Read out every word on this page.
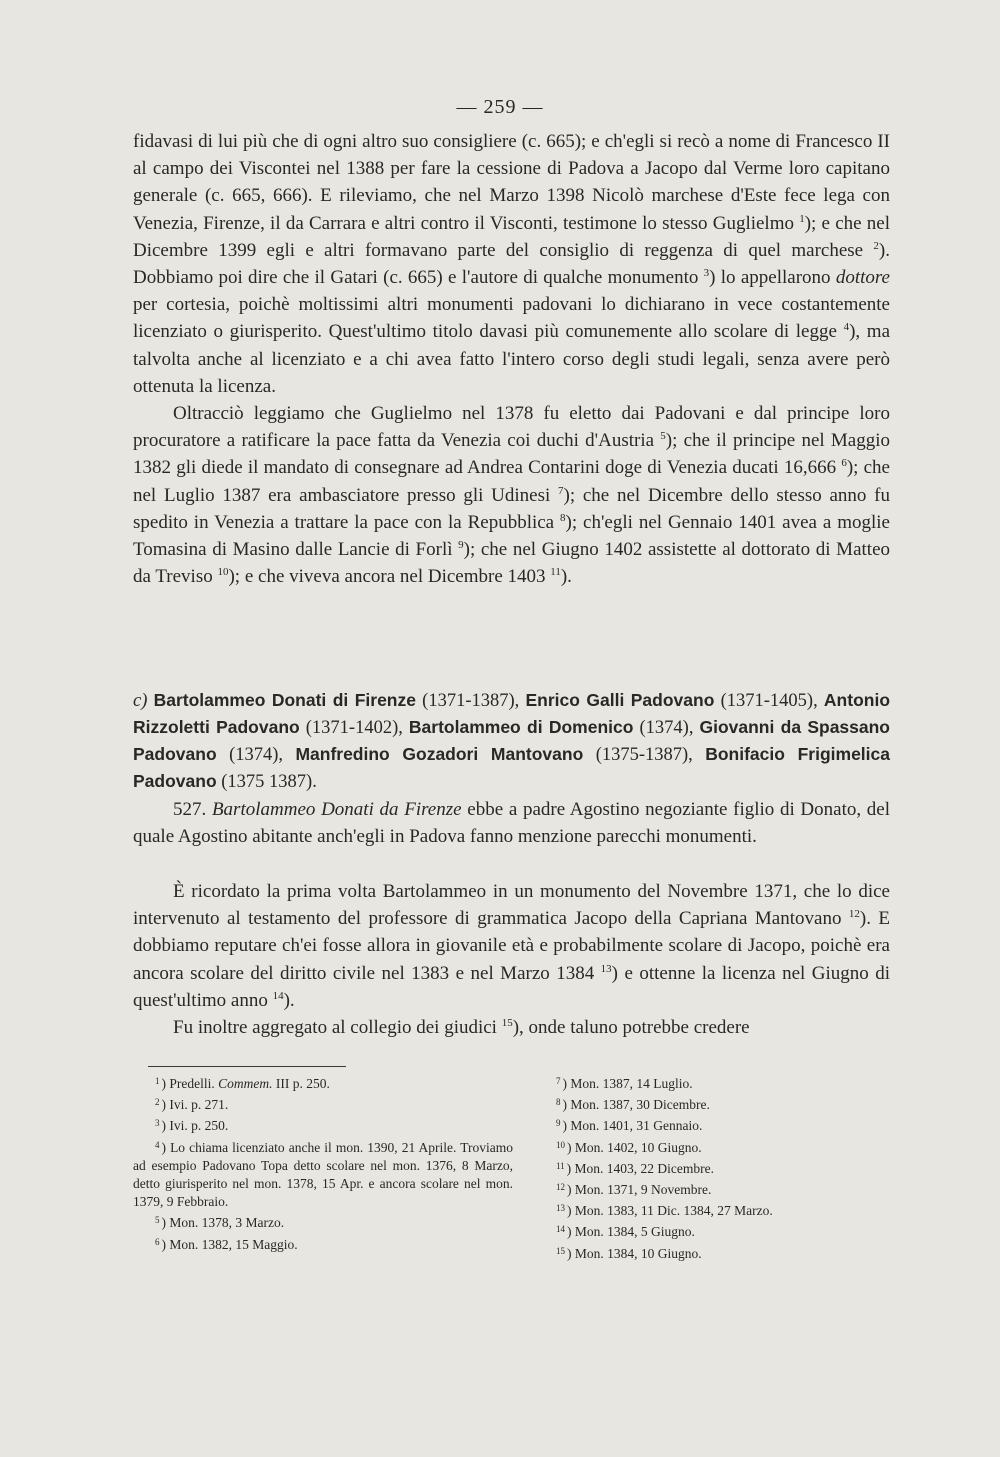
— 259 —

fidavasi di lui più che di ogni altro suo consigliere (c. 665); e ch'egli si recò a nome di Francesco II al campo dei Viscontei nel 1388 per fare la cessione di Padova a Jacopo dal Verme loro capitano generale (c. 665, 666). E rileviamo, che nel Marzo 1398 Nicolò marchese d'Este fece lega con Venezia, Firenze, il da Carrara e altri contro il Visconti, testimone lo stesso Guglielmo $^1$); e che nel Dicembre 1399 egli e altri formavano parte del consiglio di reggenza di quel marchese $^2$). Dobbiamo poi dire che il Gatari (c. 665) e l'autore di qualche monumento $^3$) lo appellarono dottore per cortesia, poichè moltissimi altri monumenti padovani lo dichiarano in vece costantemente licenziato o giurisperito. Quest'ultimo titolo davasi più comunemente allo scolare di legge $^4$), ma talvolta anche al licenziato e a chi avea fatto l'intero corso degli studi legali, senza avere però ottenuta la licenza.

Oltracciò leggiamo che Guglielmo nel 1378 fu eletto dai Padovani e dal principe loro procuratore a ratificare la pace fatta da Venezia coi duchi d'Austria $^5$); che il principe nel Maggio 1382 gli diede il mandato di consegnare ad Andrea Contarini doge di Venezia ducati 16,666 $^6$); che nel Luglio 1387 era ambasciatore presso gli Udinesi $^7$); che nel Dicembre dello stesso anno fu spedito in Venezia a trattare la pace con la Repubblica $^8$); ch'egli nel Gennaio 1401 avea a moglie Tomasina di Masino dalle Lancie di Forlì $^9$); che nel Giugno 1402 assistette al dottorato di Matteo da Treviso $^{10}$); e che viveva ancora nel Dicembre 1403 $^{11}$).

c) Bartolammeo Donati di Firenze (1371-1387), Enrico Galli Padovano (1371-1405), Antonio Rizzoletti Padovano (1371-1402), Bartolammeo di Domenico (1374), Giovanni da Spassano Padovano (1374), Manfredino Gozadori Mantovano (1375-1387), Bonifacio Frigimelica Padovano (1375 1387).

527. Bartolammeo Donati da Firenze ebbe a padre Agostino negoziante figlio di Donato, del quale Agostino abitante anch'egli in Padova fanno menzione parecchi monumenti.

È ricordato la prima volta Bartolammeo in un monumento del Novembre 1371, che lo dice intervenuto al testamento del professore di grammatica Jacopo della Capriana Mantovano $^{12}$). E dobbiamo reputare ch'ei fosse allora in giovanile età e probabilmente scolare di Jacopo, poichè era ancora scolare del diritto civile nel 1383 e nel Marzo 1384 $^{13}$) e ottenne la licenza nel Giugno di quest'ultimo anno $^{14}$).

Fu inoltre aggregato al collegio dei giudici $^{15}$), onde taluno potrebbe credere

$^1$ ) Predelli. Commem. III p. 250.

$^2$ ) Ivi. p. 271.

$^3$ ) Ivi. p. 250.

$^4$ ) Lo chiama licenziato anche il mon. 1390, 21 Aprile. Troviamo ad esempio Padovano Topa detto scolare nel mon. 1376, 8 Marzo, detto giurisperito nel mon. 1378, 15 Apr. e ancora scolare nel mon. 1379, 9 Febbraio.

$^5$ ) Mon. 1378, 3 Marzo.

$^6$ ) Mon. 1382, 15 Maggio.

$^7$ ) Mon. 1387, 14 Luglio.

$^8$ ) Mon. 1387, 30 Dicembre.

$^9$ ) Mon. 1401, 31 Gennaio.

$^{10}$ ) Mon. 1402, 10 Giugno.

$^{11}$ ) Mon. 1403, 22 Dicembre.

$^{12}$ ) Mon. 1371, 9 Novembre.

$^{13}$ ) Mon. 1383, 11 Dic. 1384, 27 Marzo.

$^{14}$ ) Mon. 1384, 5 Giugno.

$^{15}$ ) Mon. 1384, 10 Giugno.
